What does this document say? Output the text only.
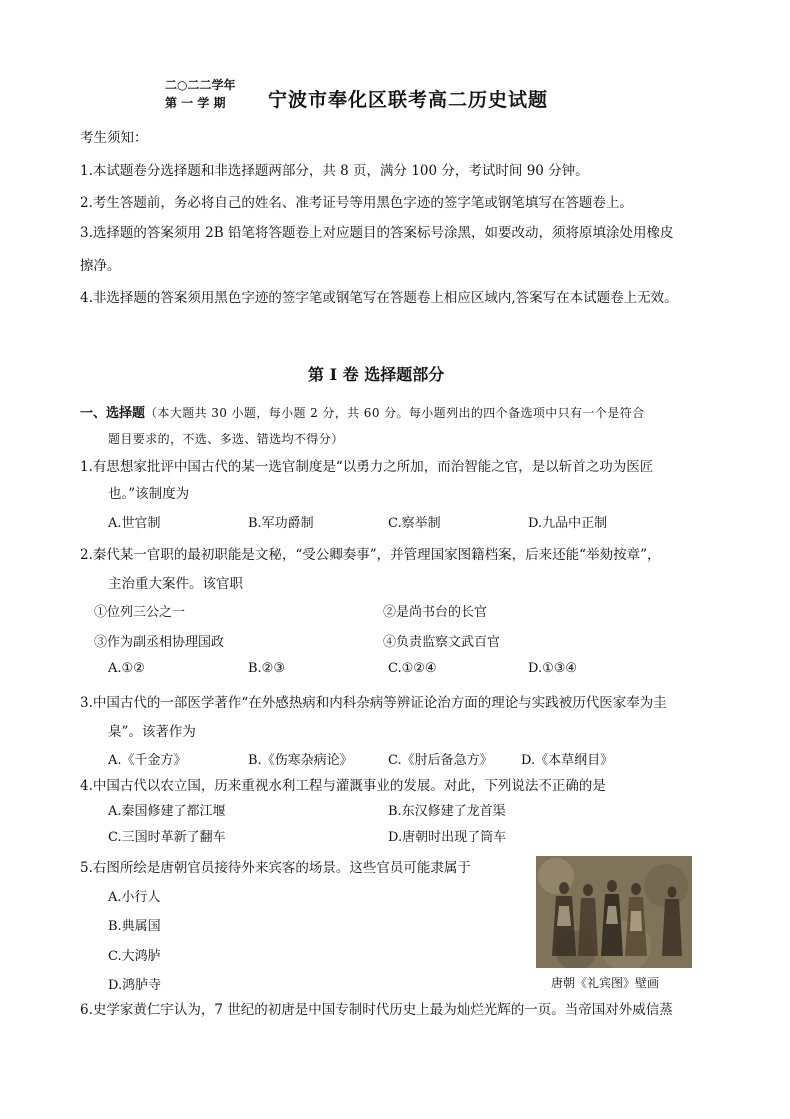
二○二二学年
第 一 学 期	宁波市奉化区联考高二历史试题
考生须知：
1.本试题卷分选择题和非选择题两部分，共 8 页，满分 100 分，考试时间 90 分钟。
2.考生答题前，务必将自己的姓名、准考证号等用黑色字迹的签字笔或钢笔填写在答题卷上。
3.选择题的答案须用 2B 铅笔将答题卷上对应题目的答案标号涂黑，如要改动，须将原填涂处用橡皮
擦净。
4.非选择题的答案须用黑色字迹的签字笔或钢笔写在答题卷上相应区域内,答案写在本试题卷上无效。
第 Ⅰ 卷 选择题部分
一、选择题（本大题共 30 小题，每小题 2 分，共 60 分。每小题列出的四个备选项中只有一个是符合
题目要求的，不选、多选、错选均不得分）
1.有思想家批评中国古代的某一选官制度是“以勇力之所加，而治智能之官，是以斩首之功为医匠
也。”该制度为
A.世官制	B.军功爵制	C.察举制	D.九品中正制
2.秦代某一官职的最初职能是文秘，“受公卿奏事”，并管理国家图籍档案，后来还能“举劾按章”，
主治重大案件。该官职
①位列三公之一	②是尚书台的长官
③作为副丞相协理国政	④负责监察文武百官
A.①②	B.②③	C.①②④	D.①③④
3.中国古代的一部医学著作“在外感热病和内科杂病等辨证论治方面的理论与实践被历代医家奉为圭
臬”。该著作为
A.《千金方》	B.《伤寒杂病论》	C.《肘后备急方》 D.《本草纲目》
4.中国古代以农立国，历来重视水利工程与灌溉事业的发展。对此，下列说法不正确的是
A.秦国修建了都江堰	B.东汉修建了龙首渠
C.三国时革新了翻车	D.唐朝时出现了筒车
5.右图所绘是唐朝官员接待外来宾客的场景。这些官员可能隶属于
A.小行人
B.典属国
C.大鸿胪
D.鸿胪寺	唐朝《礼宾图》壁画
6.史学家黄仁宇认为，7 世纪的初唐是中国专制时代历史上最为灿烂光辉的一页。当帝国对外威信蒸
